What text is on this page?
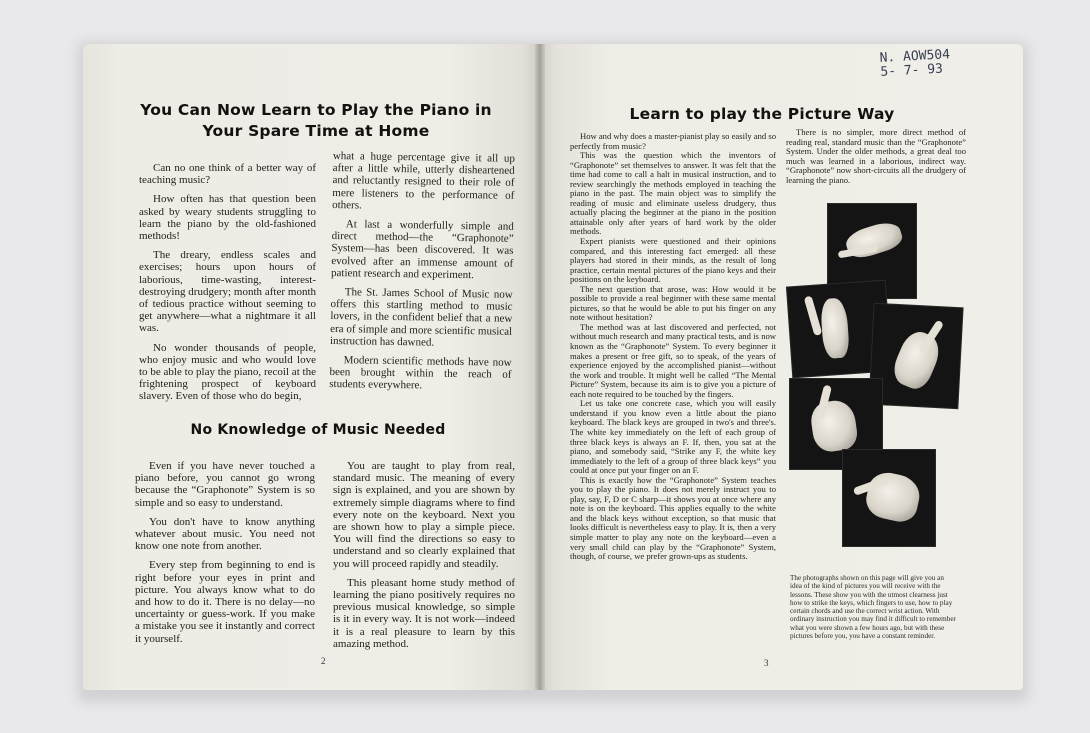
You Can Now Learn to Play the Piano in Your Spare Time at Home

Can no one think of a better way of teaching music?

How often has that question been asked by weary students struggling to learn the piano by the old-fashioned methods!

The dreary, endless scales and exercises; hours upon hours of laborious, time-wasting, interest-destroying drudgery; month after month of tedious practice without seeming to get anywhere—what a nightmare it all was.

No wonder thousands of people, who enjoy music and who would love to be able to play the piano, recoil at the frightening prospect of keyboard slavery. Even of those who do begin,

what a huge percentage give it all up after a little while, utterly disheartened and reluctantly resigned to their role of mere listeners to the performance of others.

At last a wonderfully simple and direct method—the “Graphonote” System—has been discovered. It was evolved after an immense amount of patient research and experiment.

The St. James School of Music now offers this startling method to music lovers, in the confident belief that a new era of simple and more scientific musical instruction has dawned.

Modern scientific methods have now been brought within the reach of students everywhere.

No Knowledge of Music Needed

Even if you have never touched a piano before, you cannot go wrong because the “Graphonote” System is so simple and so easy to understand.

You don't have to know anything whatever about music. You need not know one note from another.

Every step from beginning to end is right before your eyes in print and picture. You always know what to do and how to do it. There is no delay—no uncertainty or guess-work. If you make a mistake you see it instantly and correct it yourself.

You are taught to play from real, standard music. The meaning of every sign is explained, and you are shown by extremely simple diagrams where to find every note on the keyboard. Next you are shown how to play a simple piece. You will find the directions so easy to understand and so clearly explained that you will proceed rapidly and steadily.

This pleasant home study method of learning the piano positively requires no previous musical knowledge, so simple is it in every way. It is not work—indeed it is a real pleasure to learn by this amazing method.

2
N. AOW504
5- 7- 93
Learn to play the Picture Way

How and why does a master-pianist play so easily and so perfectly from music?

This was the question which the inventors of “Graphonote” set themselves to answer. It was felt that the time had come to call a halt in musical instruction, and to review searchingly the methods employed in teaching the piano in the past. The main object was to simplify the reading of music and eliminate useless drudgery, thus actually placing the beginner at the piano in the position attainable only after years of hard work by the older methods.

Expert pianists were questioned and their opinions compared, and this interesting fact emerged: all these players had stored in their minds, as the result of long practice, certain mental pictures of the piano keys and their positions on the keyboard.

The next question that arose, was: How would it be possible to provide a real beginner with these same mental pictures, so that he would be able to put his finger on any note without hesitation?

The method was at last discovered and perfected, not without much research and many practical tests, and is now known as the “Graphonote” System. To every beginner it makes a present or free gift, so to speak, of the years of experience enjoyed by the accomplished pianist—without the work and trouble. It might well be called “The Mental Picture” System, because its aim is to give you a picture of each note required to be touched by the fingers.

Let us take one concrete case, which you will easily understand if you know even a little about the piano keyboard. The black keys are grouped in two's and three's. The white key immediately on the left of each group of three black keys is always an F. If, then, you sat at the piano, and somebody said, “Strike any F, the white key immediately to the left of a group of three black keys” you could at once put your finger on an F.

This is exactly how the “Graphonote” System teaches you to play the piano. It does not merely instruct you to play, say, F, D or C sharp—it shows you at once where any note is on the keyboard. This applies equally to the white and the black keys without exception, so that music that looks difficult is nevertheless easy to play. It is, then a very simple matter to play any note on the keyboard—even a very small child can play by the “Graphonote” System, though, of course, we prefer grown-ups as students.

There is no simpler, more direct method of reading real, standard music than the “Graphonote” System. Under the older methods, a great deal too much was learned in a laborious, indirect way. “Graphonote” now short-circuits all the drudgery of learning the piano.

The photographs shown on this page will give you an idea of the kind of pictures you will receive with the lessons. These show you with the utmost clearness just how to strike the keys, which fingers to use, how to play certain chords and use the correct wrist action. With ordinary instruction you may find it difficult to remember what you were shown a few hours ago, but with these pictures before you, you have a constant reminder.
3
